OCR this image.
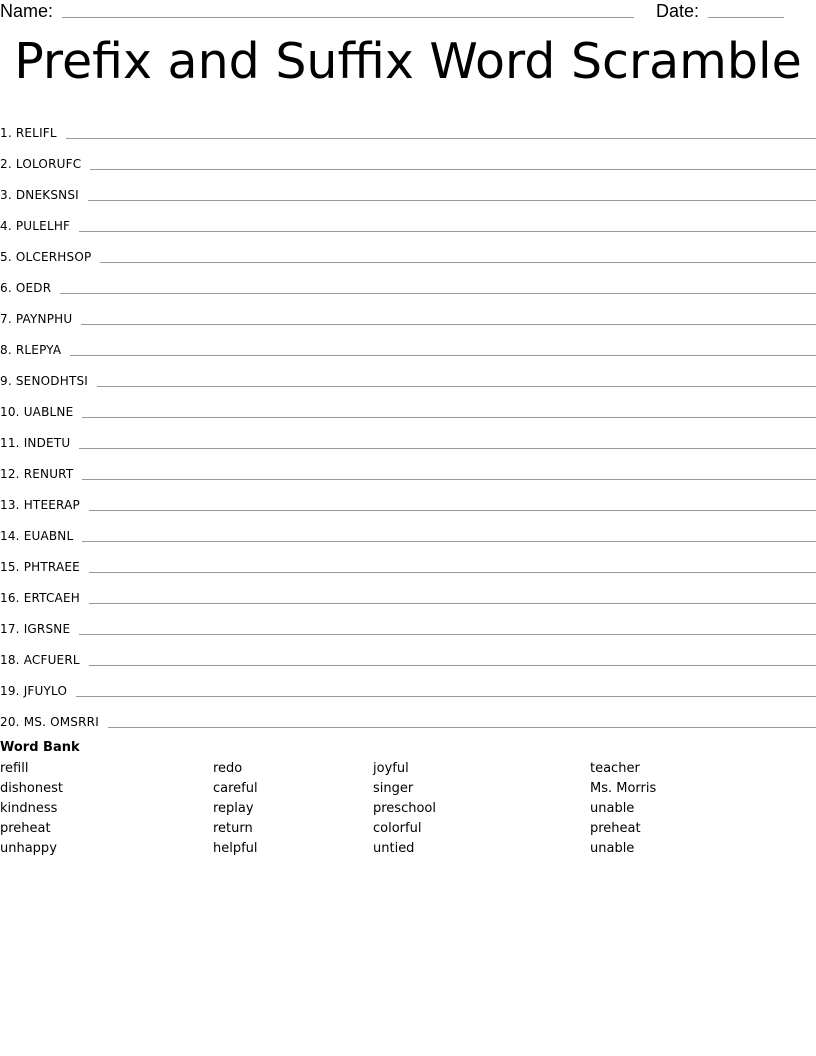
Name:	Date:
Prefix and Suffix Word Scramble
1. RELIFL
2. LOLORUFC
3. DNEKSNSI
4. PULELHF
5. OLCERHSOP
6. OEDR
7. PAYNPHU
8. RLEPYA
9. SENODHTSI
10. UABLNE
11. INDETU
12. RENURT
13. HTEERAP
14. EUABNL
15. PHTRAEE
16. ERTCAEH
17. IGRSNE
18. ACFUERL
19. JFUYLO
20. MS. OMSRRI
Word Bank
refill
dishonest
kindness
preheat
unhappy
redo
careful
replay
return
helpful
joyful
singer
preschool
colorful
untied
teacher
Ms. Morris
unable
preheat
unable
